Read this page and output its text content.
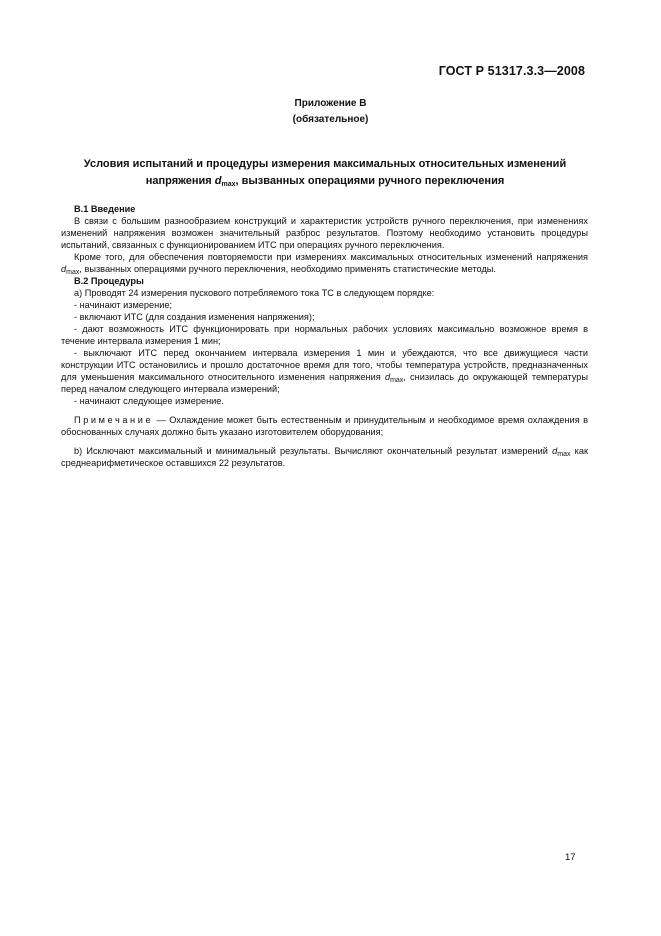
ГОСТ Р 51317.3.3—2008
Приложение В
(обязательное)
Условия испытаний и процедуры измерения максимальных относительных изменений
напряжения $d_{max}$, вызванных операциями ручного переключения

В.1 Введение

В связи с большим разнообразием конструкций и характеристик устройств ручного переключения, при изменениях изменений напряжения возможен значительный разброс результатов. Поэтому необходимо установить процедуры испытаний, связанных с функционированием ИТС при операциях ручного переключения.

Кроме того, для обеспечения повторяемости при измерениях максимальных относительных изменений напряжения $d_{max}$, вызванных операциями ручного переключения, необходимо применять статистические методы.

В.2 Процедуры

а) Проводят 24 измерения пускового потребляемого тока ТС в следующем порядке:

- начинают измерение;

- включают ИТС (для создания изменения напряжения);

- дают возможность ИТС функционировать при нормальных рабочих условиях максимально возможное время в течение интервала измерения 1 мин;

- выключают ИТС перед окончанием интервала измерения 1 мин и убеждаются, что все движущиеся части конструкции ИТС остановились и прошло достаточное время для того, чтобы температура устройств, предназначенных для уменьшения максимального относительного изменения напряжения $d_{max}$, снизилась до окружающей температуры перед началом следующего интервала измерений;

- начинают следующее измерение.

Примечание — Охлаждение может быть естественным и принудительным и необходимое время охлаждения в обоснованных случаях должно быть указано изготовителем оборудования;

b) Исключают максимальный и минимальный результаты. Вычисляют окончательный результат измерений $d_{max}$ как среднеарифметическое оставшихся 22 результатов.

17
